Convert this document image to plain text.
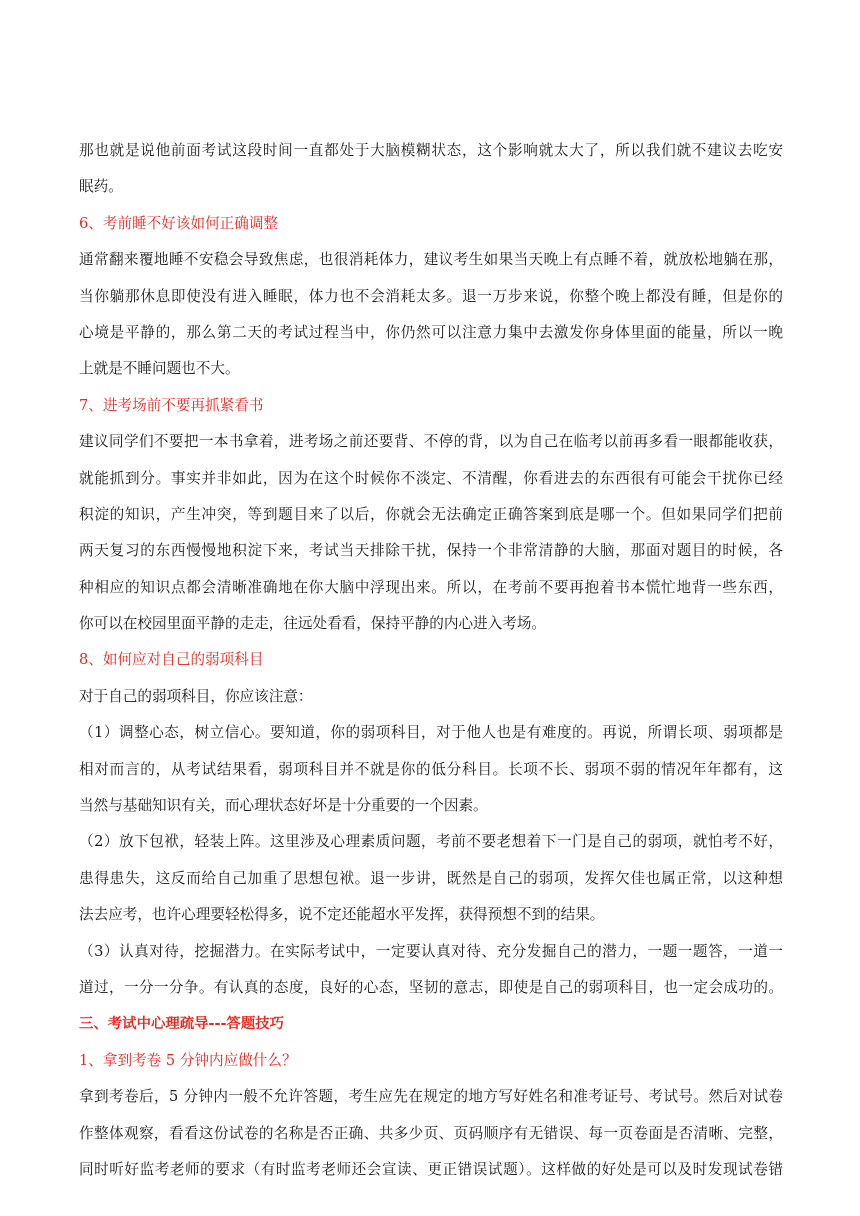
那也就是说他前面考试这段时间一直都处于大脑模糊状态，这个影响就太大了，所以我们就不建议去吃安
眠药。
6、考前睡不好该如何正确调整
通常翻来覆地睡不安稳会导致焦虑，也很消耗体力，建议考生如果当天晚上有点睡不着，就放松地躺在那，
当你躺那休息即使没有进入睡眠，体力也不会消耗太多。退一万步来说，你整个晚上都没有睡，但是你的
心境是平静的，那么第二天的考试过程当中，你仍然可以注意力集中去激发你身体里面的能量，所以一晚
上就是不睡问题也不大。
7、进考场前不要再抓紧看书
建议同学们不要把一本书拿着，进考场之前还要背、不停的背，以为自己在临考以前再多看一眼都能收获，
就能抓到分。事实并非如此，因为在这个时候你不淡定、不清醒，你看进去的东西很有可能会干扰你已经
积淀的知识，产生冲突，等到题目来了以后，你就会无法确定正确答案到底是哪一个。但如果同学们把前
两天复习的东西慢慢地积淀下来，考试当天排除干扰，保持一个非常清静的大脑，那面对题目的时候，各
种相应的知识点都会清晰准确地在你大脑中浮现出来。所以，在考前不要再抱着书本慌忙地背一些东西，
你可以在校园里面平静的走走，往远处看看，保持平静的内心进入考场。
8、如何应对自己的弱项科目
对于自己的弱项科目，你应该注意：
（1）调整心态，树立信心。要知道，你的弱项科目，对于他人也是有难度的。再说，所谓长项、弱项都是
相对而言的，从考试结果看，弱项科目并不就是你的低分科目。长项不长、弱项不弱的情况年年都有，这
当然与基础知识有关，而心理状态好坏是十分重要的一个因素。
（2）放下包袱，轻装上阵。这里涉及心理素质问题，考前不要老想着下一门是自己的弱项，就怕考不好，
患得患失，这反而给自己加重了思想包袱。退一步讲，既然是自己的弱项，发挥欠佳也属正常，以这种想
法去应考，也许心理要轻松得多，说不定还能超水平发挥，获得预想不到的结果。
（3）认真对待，挖掘潜力。在实际考试中，一定要认真对待、充分发掘自己的潜力，一题一题答，一道一
道过，一分一分争。有认真的态度，良好的心态，坚韧的意志，即使是自己的弱项科目，也一定会成功的。
三、考试中心理疏导---答题技巧
1、拿到考卷 5 分钟内应做什么？
拿到考卷后，5 分钟内一般不允许答题，考生应先在规定的地方写好姓名和准考证号、考试号。然后对试卷
作整体观察，看看这份试卷的名称是否正确、共多少页、页码顺序有无错误、每一页卷面是否清晰、完整，
同时听好监考老师的要求（有时监考老师还会宣读、更正错误试题）。这样做的好处是可以及时发现试卷错
